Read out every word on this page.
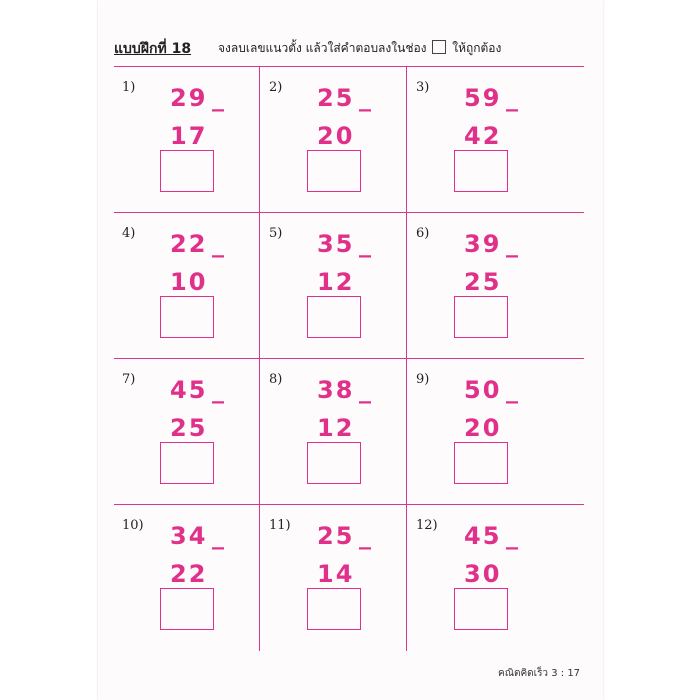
แบบฝึกที่ 18 จงลบเลขแนวตั้ง แล้วใส่คำตอบลงในช่อง ให้ถูกต้อง
1) 29 _
17
2) 25 _
20
3) 59 _
42
4) 22 _
10
5) 35 _
12
6) 39 _
25
7) 45 _
25
8) 38 _
12
9) 50 _
20
10) 34 _
22
11) 25 _
14
12) 45 _
30
คณิตคิดเร็ว 3 : 17
